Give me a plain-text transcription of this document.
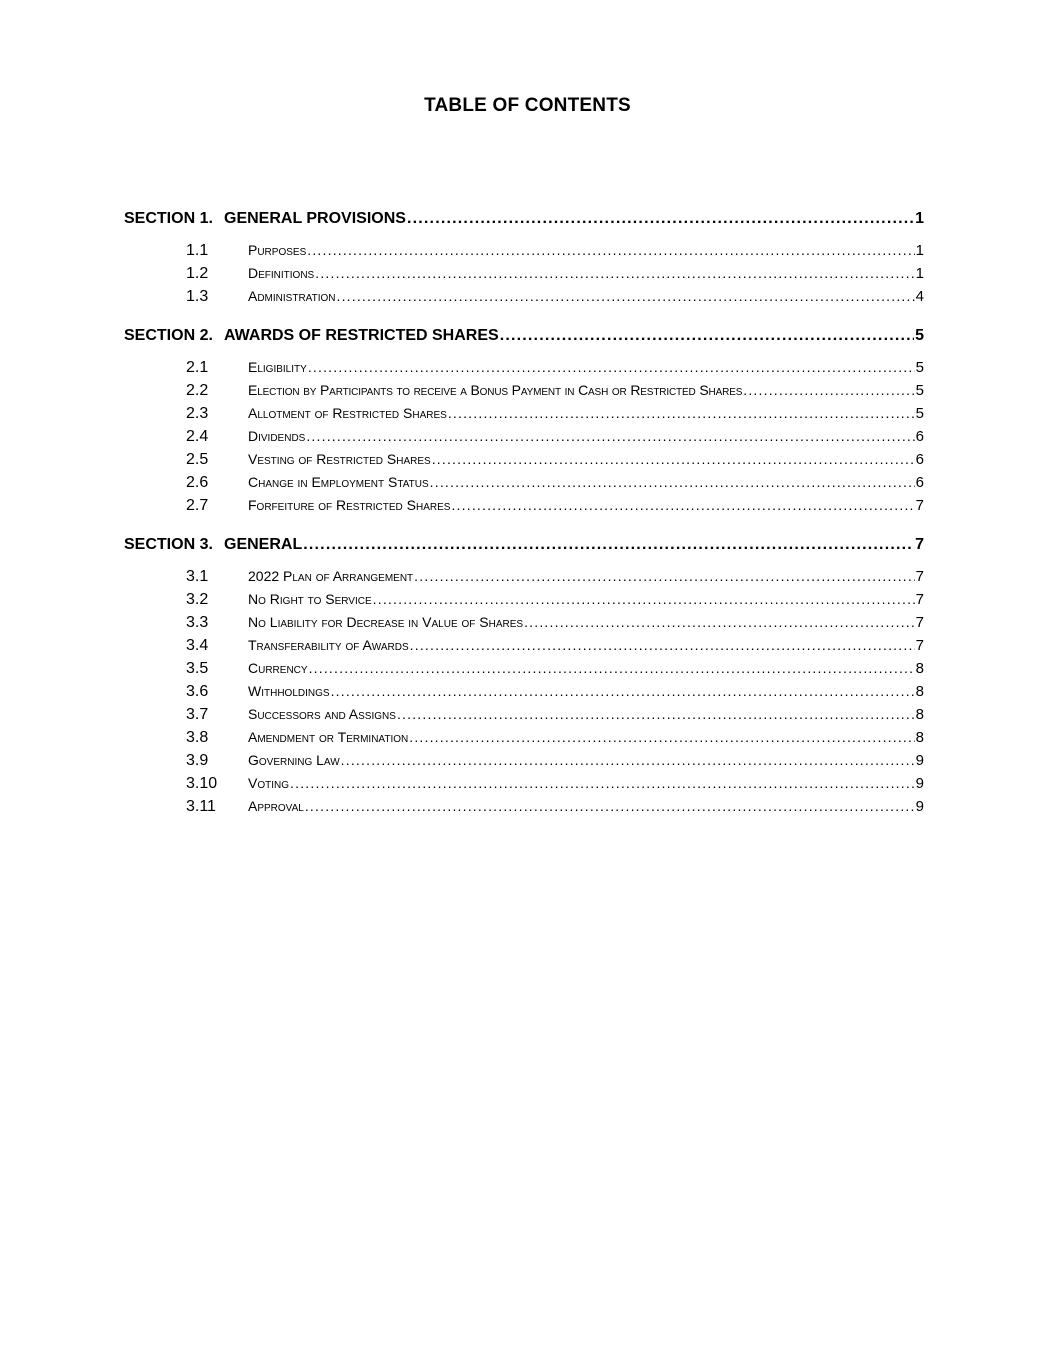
TABLE OF CONTENTS
SECTION 1. GENERAL PROVISIONS .....	1
1.1	Purposes .....	1
1.2	Definitions .....	1
1.3	Administration .....	4
SECTION 2. AWARDS OF RESTRICTED SHARES .....	5
2.1	Eligibility .....	5
2.2	Election by Participants to receive a Bonus Payment in Cash or Restricted Shares .....	5
2.3	Allotment of Restricted Shares .....	5
2.4	Dividends .....	6
2.5	Vesting of Restricted Shares .....	6
2.6	Change in Employment Status .....	6
2.7	Forfeiture of Restricted Shares .....	7
SECTION 3. GENERAL .....	7
3.1	2022 Plan of Arrangement .....	7
3.2	No Right to Service .....	7
3.3	No Liability for Decrease in Value of Shares .....	7
3.4	Transferability of Awards .....	7
3.5	Currency .....	8
3.6	Withholdings .....	8
3.7	Successors and Assigns .....	8
3.8	Amendment or Termination .....	8
3.9	Governing Law .....	9
3.10	Voting .....	9
3.11	Approval .....	9
